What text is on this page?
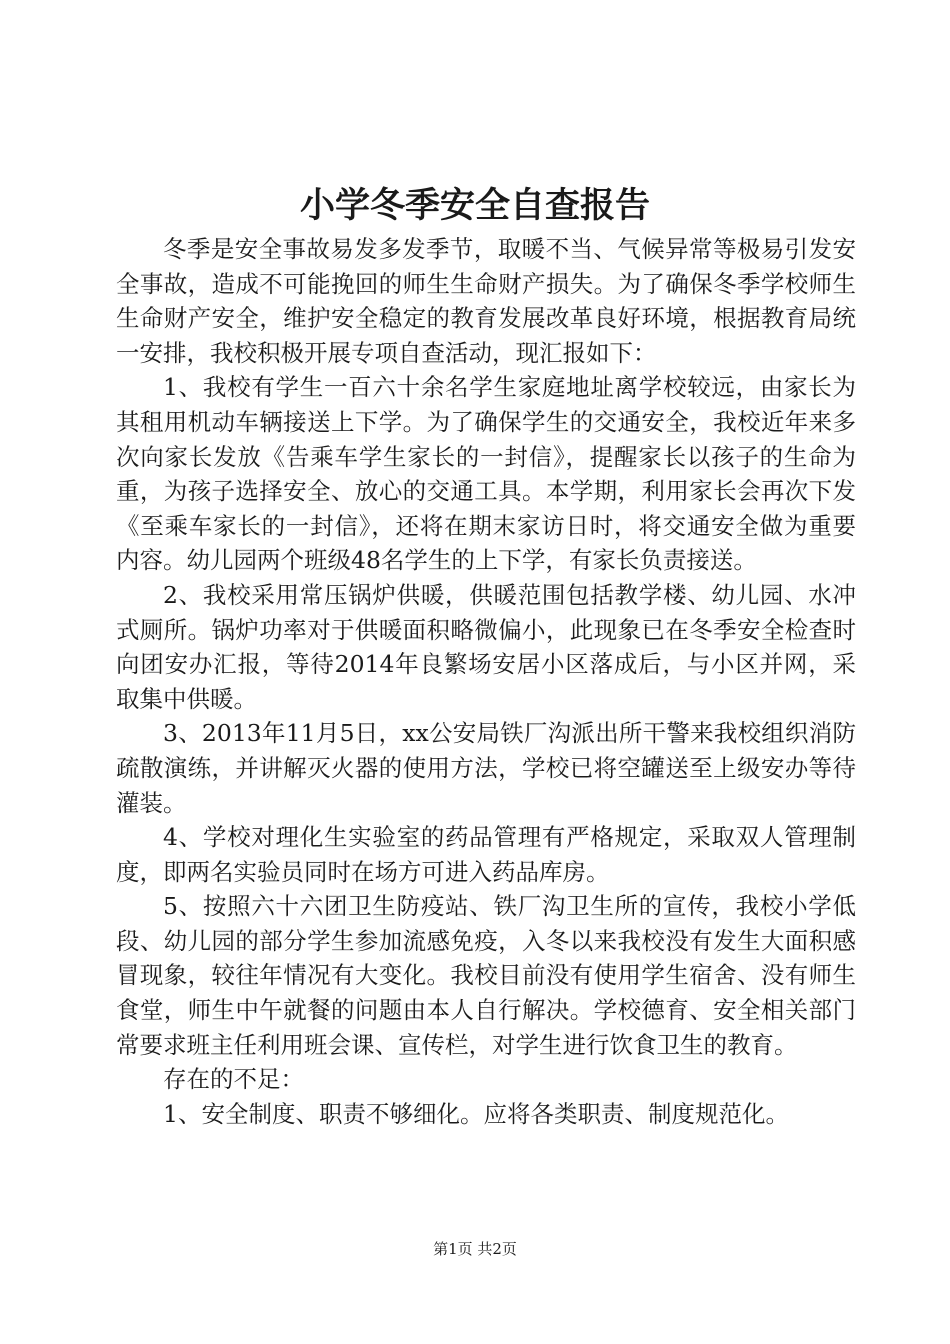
小学冬季安全自查报告

冬季是安全事故易发多发季节，取暖不当、气候异常等极易引发安全事故，造成不可能挽回的师生生命财产损失。为了确保冬季学校师生生命财产安全，维护安全稳定的教育发展改革良好环境，根据教育局统一安排，我校积极开展专项自查活动，现汇报如下：

1、我校有学生一百六十余名学生家庭地址离学校较远，由家长为其租用机动车辆接送上下学。为了确保学生的交通安全，我校近年来多次向家长发放《告乘车学生家长的一封信》，提醒家长以孩子的生命为重，为孩子选择安全、放心的交通工具。本学期，利用家长会再次下发《至乘车家长的一封信》，还将在期末家访日时，将交通安全做为重要内容。幼儿园两个班级48名学生的上下学，有家长负责接送。

2、我校采用常压锅炉供暖，供暖范围包括教学楼、幼儿园、水冲式厕所。锅炉功率对于供暖面积略微偏小，此现象已在冬季安全检查时向团安办汇报，等待2014年良繁场安居小区落成后，与小区并网，采取集中供暖。

3、2013年11月5日，xx公安局铁厂沟派出所干警来我校组织消防疏散演练，并讲解灭火器的使用方法，学校已将空罐送至上级安办等待灌装。

4、学校对理化生实验室的药品管理有严格规定，采取双人管理制度，即两名实验员同时在场方可进入药品库房。

5、按照六十六团卫生防疫站、铁厂沟卫生所的宣传，我校小学低段、幼儿园的部分学生参加流感免疫，入冬以来我校没有发生大面积感冒现象，较往年情况有大变化。我校目前没有使用学生宿舍、没有师生食堂，师生中午就餐的问题由本人自行解决。学校德育、安全相关部门常要求班主任利用班会课、宣传栏，对学生进行饮食卫生的教育。

存在的不足：

1、安全制度、职责不够细化。应将各类职责、制度规范化。

第1页 共2页
